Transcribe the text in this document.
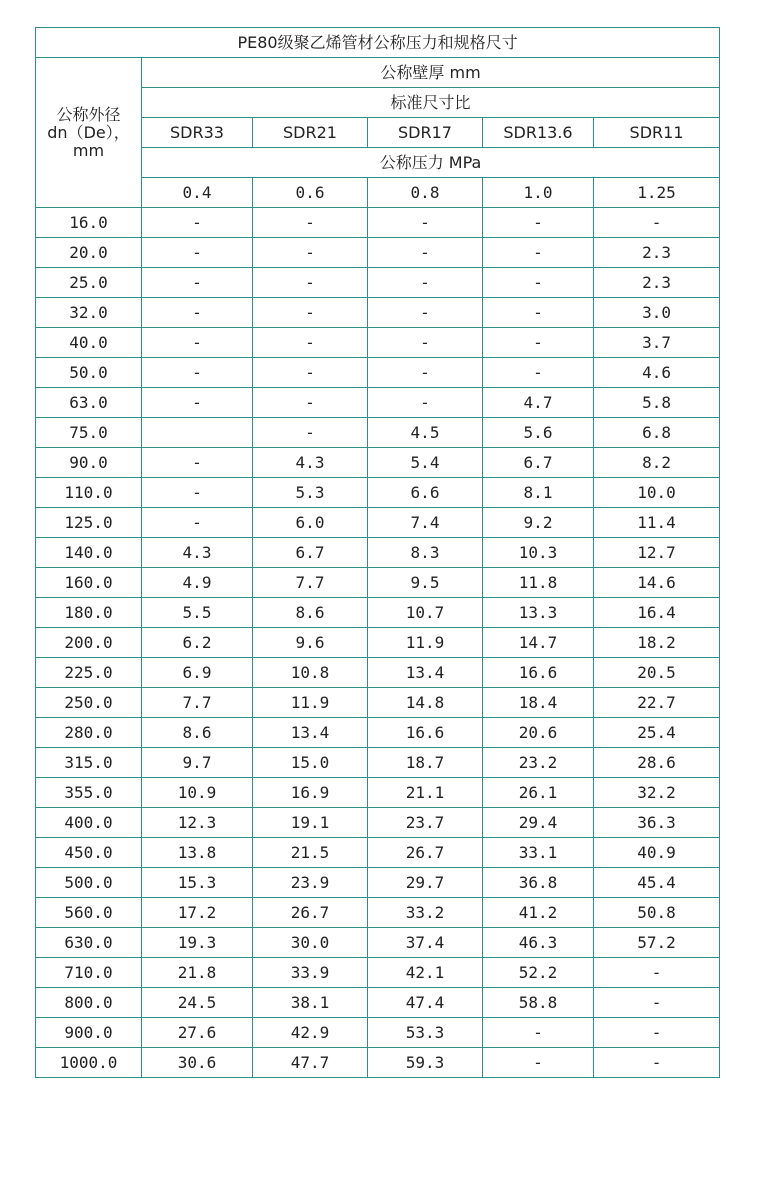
PE80级聚乙烯管材公称压力和规格尺寸					
公称外径
dn（De），
mm	公称壁厚 mm				
	标准尺寸比				
	SDR33	SDR21	SDR17	SDR13.6	SDR11
	公称压力 MPa				
	0.4	0.6	0.8	1.0	1.25
16.0	-	-	-	-	-
20.0	-	-	-	-	2.3
25.0	-	-	-	-	2.3
32.0	-	-	-	-	3.0
40.0	-	-	-	-	3.7
50.0	-	-	-	-	4.6
63.0	-	-	-	4.7	5.8
75.0		-	4.5	5.6	6.8
90.0	-	4.3	5.4	6.7	8.2
110.0	-	5.3	6.6	8.1	10.0
125.0	-	6.0	7.4	9.2	11.4
140.0	4.3	6.7	8.3	10.3	12.7
160.0	4.9	7.7	9.5	11.8	14.6
180.0	5.5	8.6	10.7	13.3	16.4
200.0	6.2	9.6	11.9	14.7	18.2
225.0	6.9	10.8	13.4	16.6	20.5
250.0	7.7	11.9	14.8	18.4	22.7
280.0	8.6	13.4	16.6	20.6	25.4
315.0	9.7	15.0	18.7	23.2	28.6
355.0	10.9	16.9	21.1	26.1	32.2
400.0	12.3	19.1	23.7	29.4	36.3
450.0	13.8	21.5	26.7	33.1	40.9
500.0	15.3	23.9	29.7	36.8	45.4
560.0	17.2	26.7	33.2	41.2	50.8
630.0	19.3	30.0	37.4	46.3	57.2
710.0	21.8	33.9	42.1	52.2	-
800.0	24.5	38.1	47.4	58.8	-
900.0	27.6	42.9	53.3	-	-
1000.0	30.6	47.7	59.3	-	-
